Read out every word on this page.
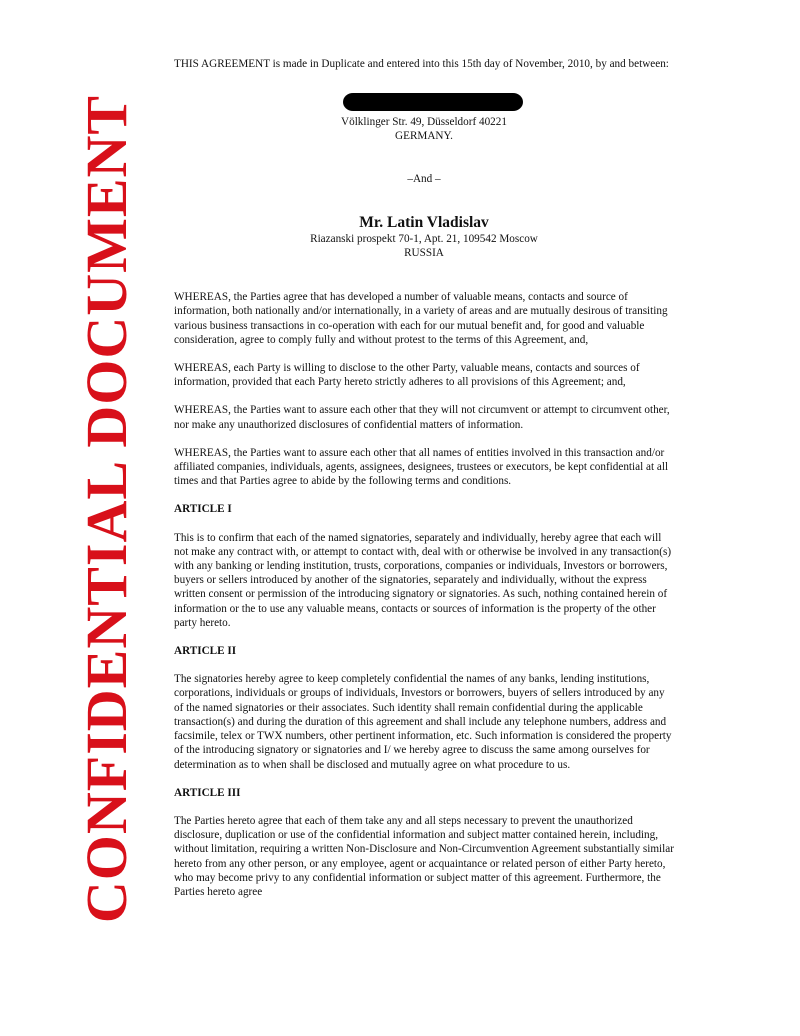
CONFIDENTIAL DOCUMENT

THIS AGREEMENT is made in Duplicate and entered into this 15th day of November, 2010, by and between:

Völklinger Str. 49, Düsseldorf 40221

GERMANY.

–And –

Mr. Latin Vladislav

Riazanski prospekt 70-1, Apt. 21, 109542 Moscow

RUSSIA

WHEREAS, the Parties agree that has developed a number of valuable means, contacts and source of information, both nationally and/or internationally, in a variety of areas and are mutually desirous of transiting various business transactions in co-operation with each for our mutual benefit and, for good and valuable consideration, agree to comply fully and without protest to the terms of this Agreement, and,

WHEREAS, each Party is willing to disclose to the other Party, valuable means, contacts and sources of information, provided that each Party hereto strictly adheres to all provisions of this Agreement; and,

WHEREAS, the Parties want to assure each other that they will not circumvent or attempt to circumvent other, nor make any unauthorized disclosures of confidential matters of information.

WHEREAS, the Parties want to assure each other that all names of entities involved in this transaction and/or affiliated companies, individuals, agents, assignees, designees, trustees or executors, be kept confidential at all times and that Parties agree to abide by the following terms and conditions.

ARTICLE I

This is to confirm that each of the named signatories, separately and individually, hereby agree that each will not make any contract with, or attempt to contact with, deal with or otherwise be involved in any transaction(s) with any banking or lending institution, trusts, corporations, companies or individuals, Investors or borrowers, buyers or sellers introduced by another of the signatories, separately and individually, without the express written consent or permission of the introducing signatory or signatories. As such, nothing contained herein of information or the to use any valuable means, contacts or sources of information is the property of the other party hereto.

ARTICLE II

The signatories hereby agree to keep completely confidential the names of any banks, lending institutions, corporations, individuals or groups of individuals, Investors or borrowers, buyers of sellers introduced by any of the named signatories or their associates. Such identity shall remain confidential during the applicable transaction(s) and during the duration of this agreement and shall include any telephone numbers, address and facsimile, telex or TWX numbers, other pertinent information, etc. Such information is considered the property of the introducing signatory or signatories and I/ we hereby agree to discuss the same among ourselves for determination as to when shall be disclosed and mutually agree on what procedure to us.

ARTICLE III

The Parties hereto agree that each of them take any and all steps necessary to prevent the unauthorized disclosure, duplication or use of the confidential information and subject matter contained herein, including, without limitation, requiring a written Non-Disclosure and Non-Circumvention Agreement substantially similar hereto from any other person, or any employee, agent or acquaintance or related person of either Party hereto, who may become privy to any confidential information or subject matter of this agreement. Furthermore, the Parties hereto agree
